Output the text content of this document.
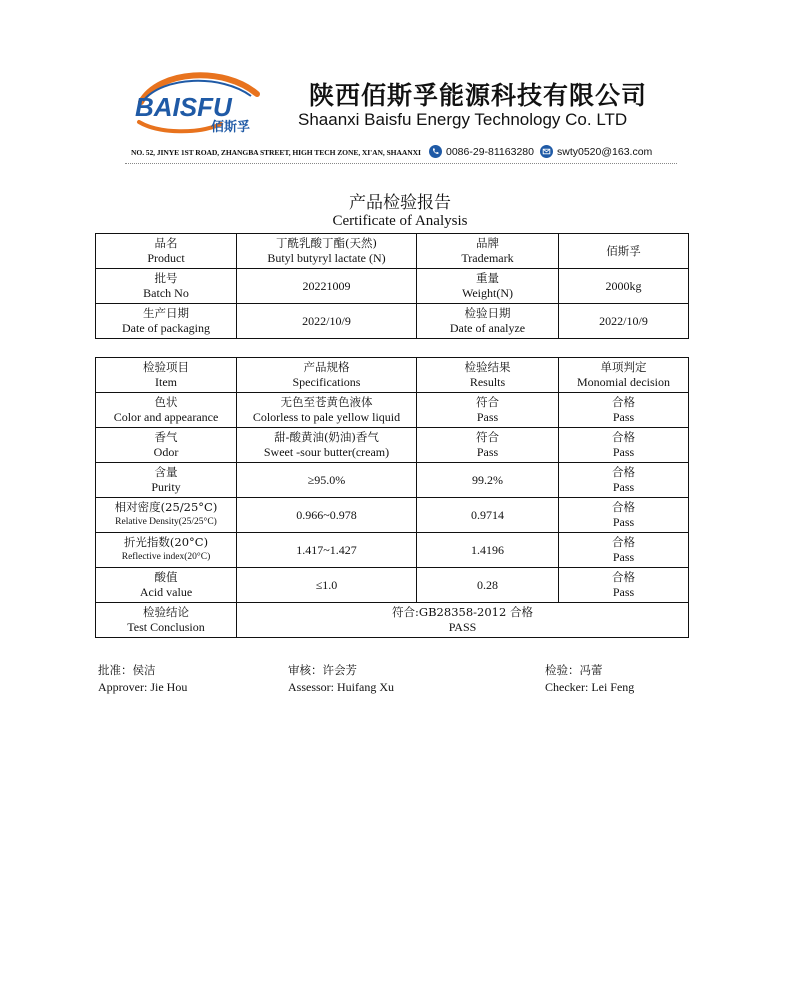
BAISFU
佰斯孚
陕西佰斯孚能源科技有限公司
Shaanxi Baisfu Energy Technology Co. LTD
NO. 52, JINYE 1ST ROAD, ZHANGBA STREET, HIGH TECH ZONE, XI'AN, SHAANXI 0086-29-81163280 swty0520@163.com
产品检验报告
Certificate of Analysis
品名
Product	丁酰乳酸丁酯(天然)
Butyl butyryl lactate (N)	品牌
Trademark	佰斯孚

批号
Batch No	20221009	重量
Weight(N)	2000kg

生产日期
Date of packaging	2022/10/9	检验日期
Date of analyze	2022/10/9
检验项目
Item	产品规格
Specifications	检验结果
Results	单项判定
Monomial decision

色状
Color and appearance	无色至苍黄色液体
Colorless to pale yellow liquid	符合
Pass	合格
Pass

香气
Odor	甜-酸黄油(奶油)香气
Sweet -sour butter(cream)	符合
Pass	合格
Pass

含量
Purity	≥95.0%	99.2%	合格
Pass

相对密度(25/25°C)
Relative Density(25/25°C)	0.966~0.978	0.9714	合格
Pass

折光指数(20°C)
Reflective index(20°C)	1.417~1.427	1.4196	合格
Pass

酸值
Acid value	≤1.0	0.28	合格
Pass

检验结论
Test Conclusion	符合:GB28358-2012 合格
PASS		
批准：侯洁
Approver: Jie Hou
审核：许会芳
Assessor: Huifang Xu
检验：冯蕾
Checker: Lei Feng
